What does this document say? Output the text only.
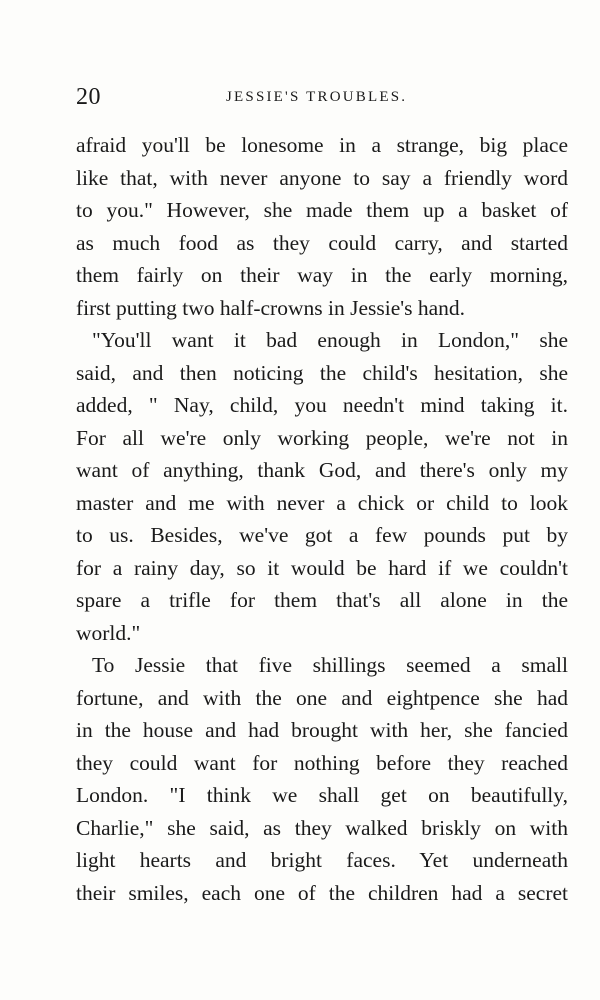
20	JESSIE'S TROUBLES.
afraid you'll be lonesome in a strange, big place
like that, with never anyone to say a friendly word
to you." However, she made them up a basket of
as much food as they could carry, and started
them fairly on their way in the early morning,
first putting two half-crowns in Jessie's hand.
"You'll want it bad enough in London," she
said, and then noticing the child's hesitation, she
added, " Nay, child, you needn't mind taking it.
For all we're only working people, we're not in
want of anything, thank God, and there's only my
master and me with never a chick or child to look
to us. Besides, we've got a few pounds put by
for a rainy day, so it would be hard if we couldn't
spare a trifle for them that's all alone in the
world."
To Jessie that five shillings seemed a small
fortune, and with the one and eightpence she had
in the house and had brought with her, she fancied
they could want for nothing before they reached
London. "I think we shall get on beautifully,
Charlie," she said, as they walked briskly on with
light hearts and bright faces. Yet underneath
their smiles, each one of the children had a secret
